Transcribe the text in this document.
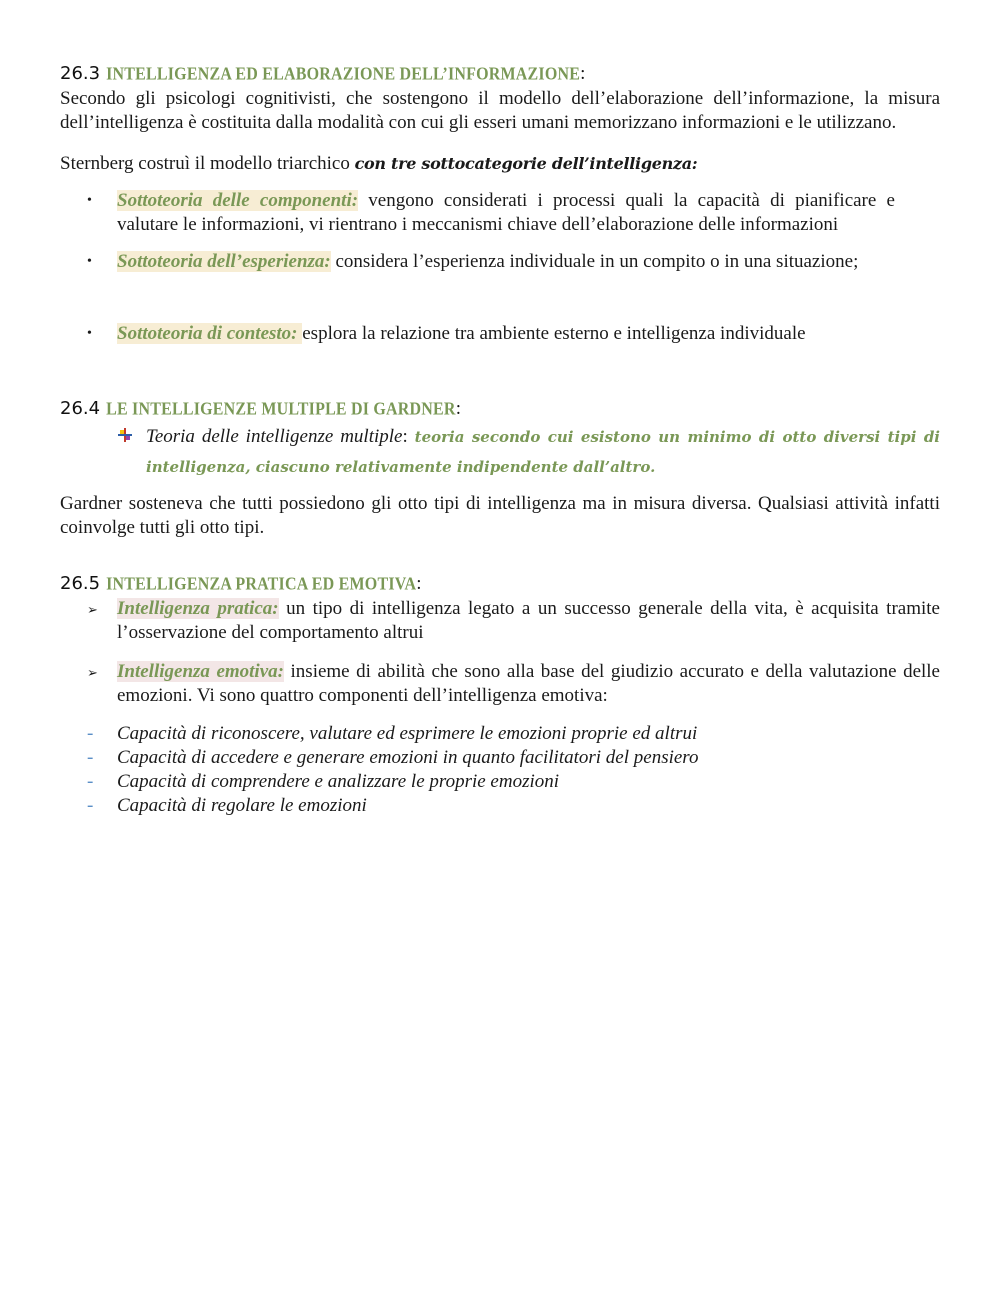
26.3 INTELLIGENZA ED ELABORAZIONE DELL’INFORMAZIONE:

Secondo gli psicologi cognitivisti, che sostengono il modello dell’elaborazione dell’informazione, la misura dell’intelligenza è costituita dalla modalità con cui gli esseri umani memorizzano informazioni e le utilizzano.

Sternberg costruì il modello triarchico con tre sottocategorie dell’intelligenza:

• Sottoteoria delle componenti: vengono considerati i processi quali la capacità di pianificare e valutare le informazioni, vi rientrano i meccanismi chiave dell’elaborazione delle informazioni
• Sottoteoria dell’esperienza: considera l’esperienza individuale in un compito o in una situazione;
• Sottoteoria di contesto: esplora la relazione tra ambiente esterno e intelligenza individuale
26.4 LE INTELLIGENZE MULTIPLE DI GARDNER:
Teoria delle intelligenze multiple: teoria secondo cui esistono un minimo di otto diversi tipi di intelligenza, ciascuno relativamente indipendente dall’altro.

Gardner sosteneva che tutti possiedono gli otto tipi di intelligenza ma in misura diversa. Qualsiasi attività infatti coinvolge tutti gli otto tipi.

26.5 INTELLIGENZA PRATICA ED EMOTIVA:
➢ Intelligenza pratica: un tipo di intelligenza legato a un successo generale della vita, è acquisita tramite l’osservazione del comportamento altrui
➢ Intelligenza emotiva: insieme di abilità che sono alla base del giudizio accurato e della valutazione delle emozioni. Vi sono quattro componenti dell’intelligenza emotiva:
- Capacità di riconoscere, valutare ed esprimere le emozioni proprie ed altrui
- Capacità di accedere e generare emozioni in quanto facilitatori del pensiero
- Capacità di comprendere e analizzare le proprie emozioni
- Capacità di regolare le emozioni
